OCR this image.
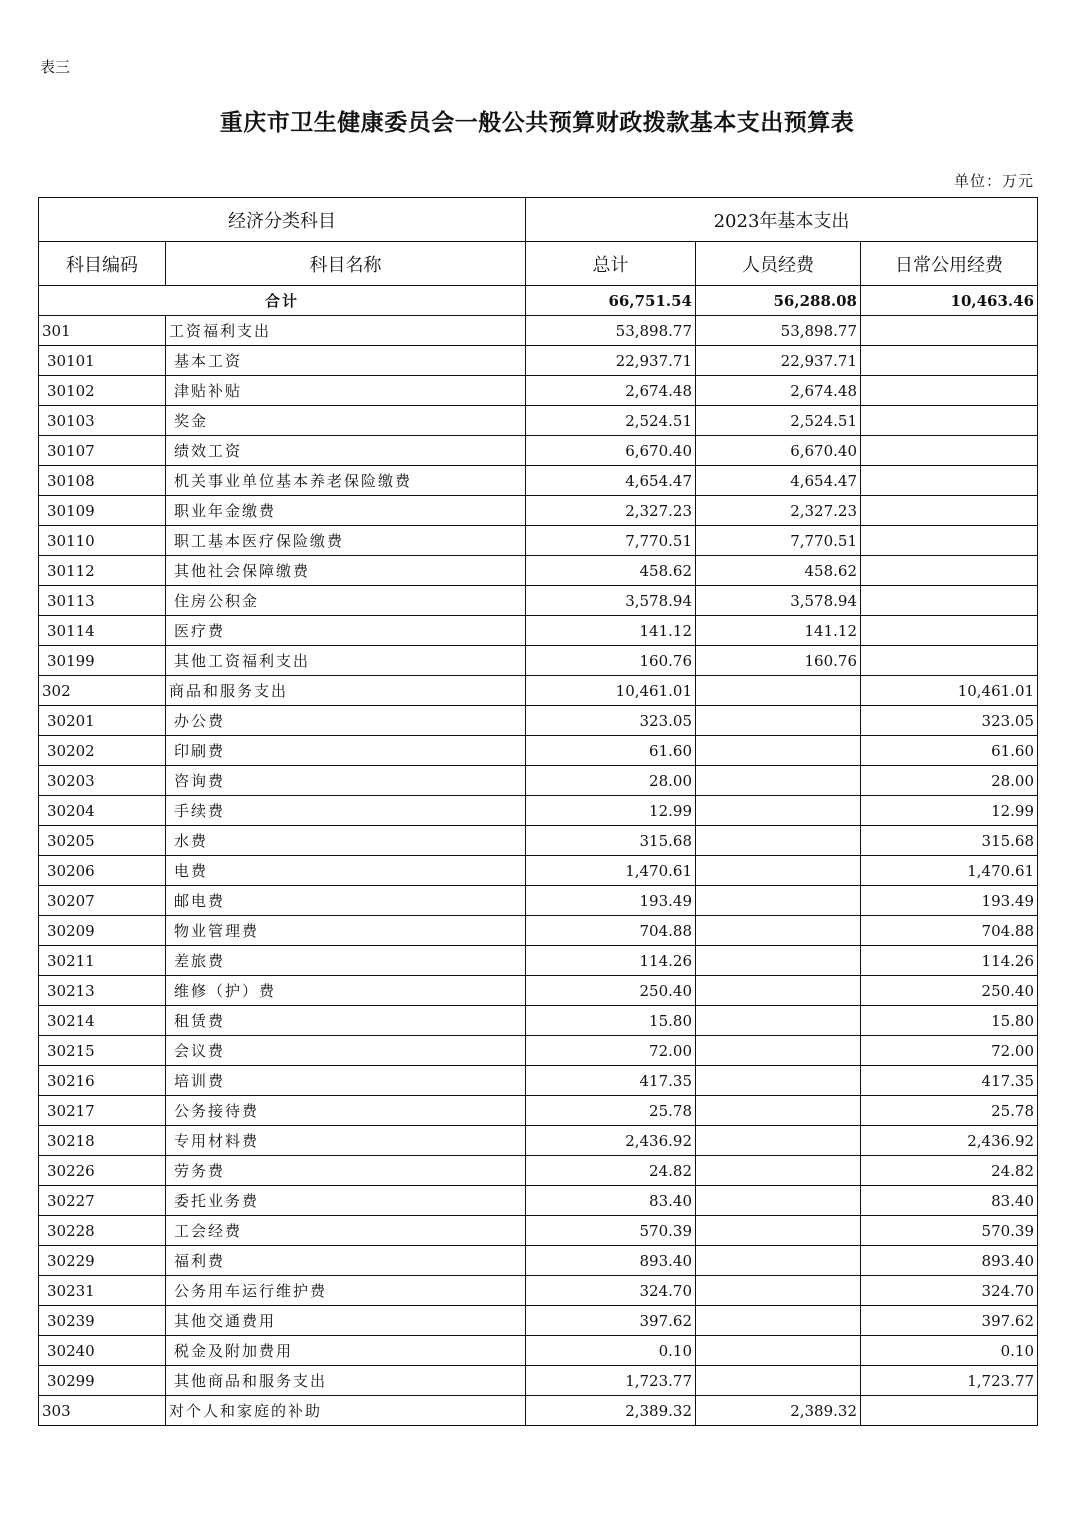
表三
重庆市卫生健康委员会一般公共预算财政拨款基本支出预算表
单位：万元
经济分类科目		2023年基本支出		
科目编码	科目名称	总计	人员经费	日常公用经费
合计		66,751.54	56,288.08	10,463.46
301	工资福利支出	53,898.77	53,898.77	
30101	基本工资	22,937.71	22,937.71	
30102	津贴补贴	2,674.48	2,674.48	
30103	奖金	2,524.51	2,524.51	
30107	绩效工资	6,670.40	6,670.40	
30108	机关事业单位基本养老保险缴费	4,654.47	4,654.47	
30109	职业年金缴费	2,327.23	2,327.23	
30110	职工基本医疗保险缴费	7,770.51	7,770.51	
30112	其他社会保障缴费	458.62	458.62	
30113	住房公积金	3,578.94	3,578.94	
30114	医疗费	141.12	141.12	
30199	其他工资福利支出	160.76	160.76	
302	商品和服务支出	10,461.01		10,461.01
30201	办公费	323.05		323.05
30202	印刷费	61.60		61.60
30203	咨询费	28.00		28.00
30204	手续费	12.99		12.99
30205	水费	315.68		315.68
30206	电费	1,470.61		1,470.61
30207	邮电费	193.49		193.49
30209	物业管理费	704.88		704.88
30211	差旅费	114.26		114.26
30213	维修（护）费	250.40		250.40
30214	租赁费	15.80		15.80
30215	会议费	72.00		72.00
30216	培训费	417.35		417.35
30217	公务接待费	25.78		25.78
30218	专用材料费	2,436.92		2,436.92
30226	劳务费	24.82		24.82
30227	委托业务费	83.40		83.40
30228	工会经费	570.39		570.39
30229	福利费	893.40		893.40
30231	公务用车运行维护费	324.70		324.70
30239	其他交通费用	397.62		397.62
30240	税金及附加费用	0.10		0.10
30299	其他商品和服务支出	1,723.77		1,723.77
303	对个人和家庭的补助	2,389.32	2,389.32	
